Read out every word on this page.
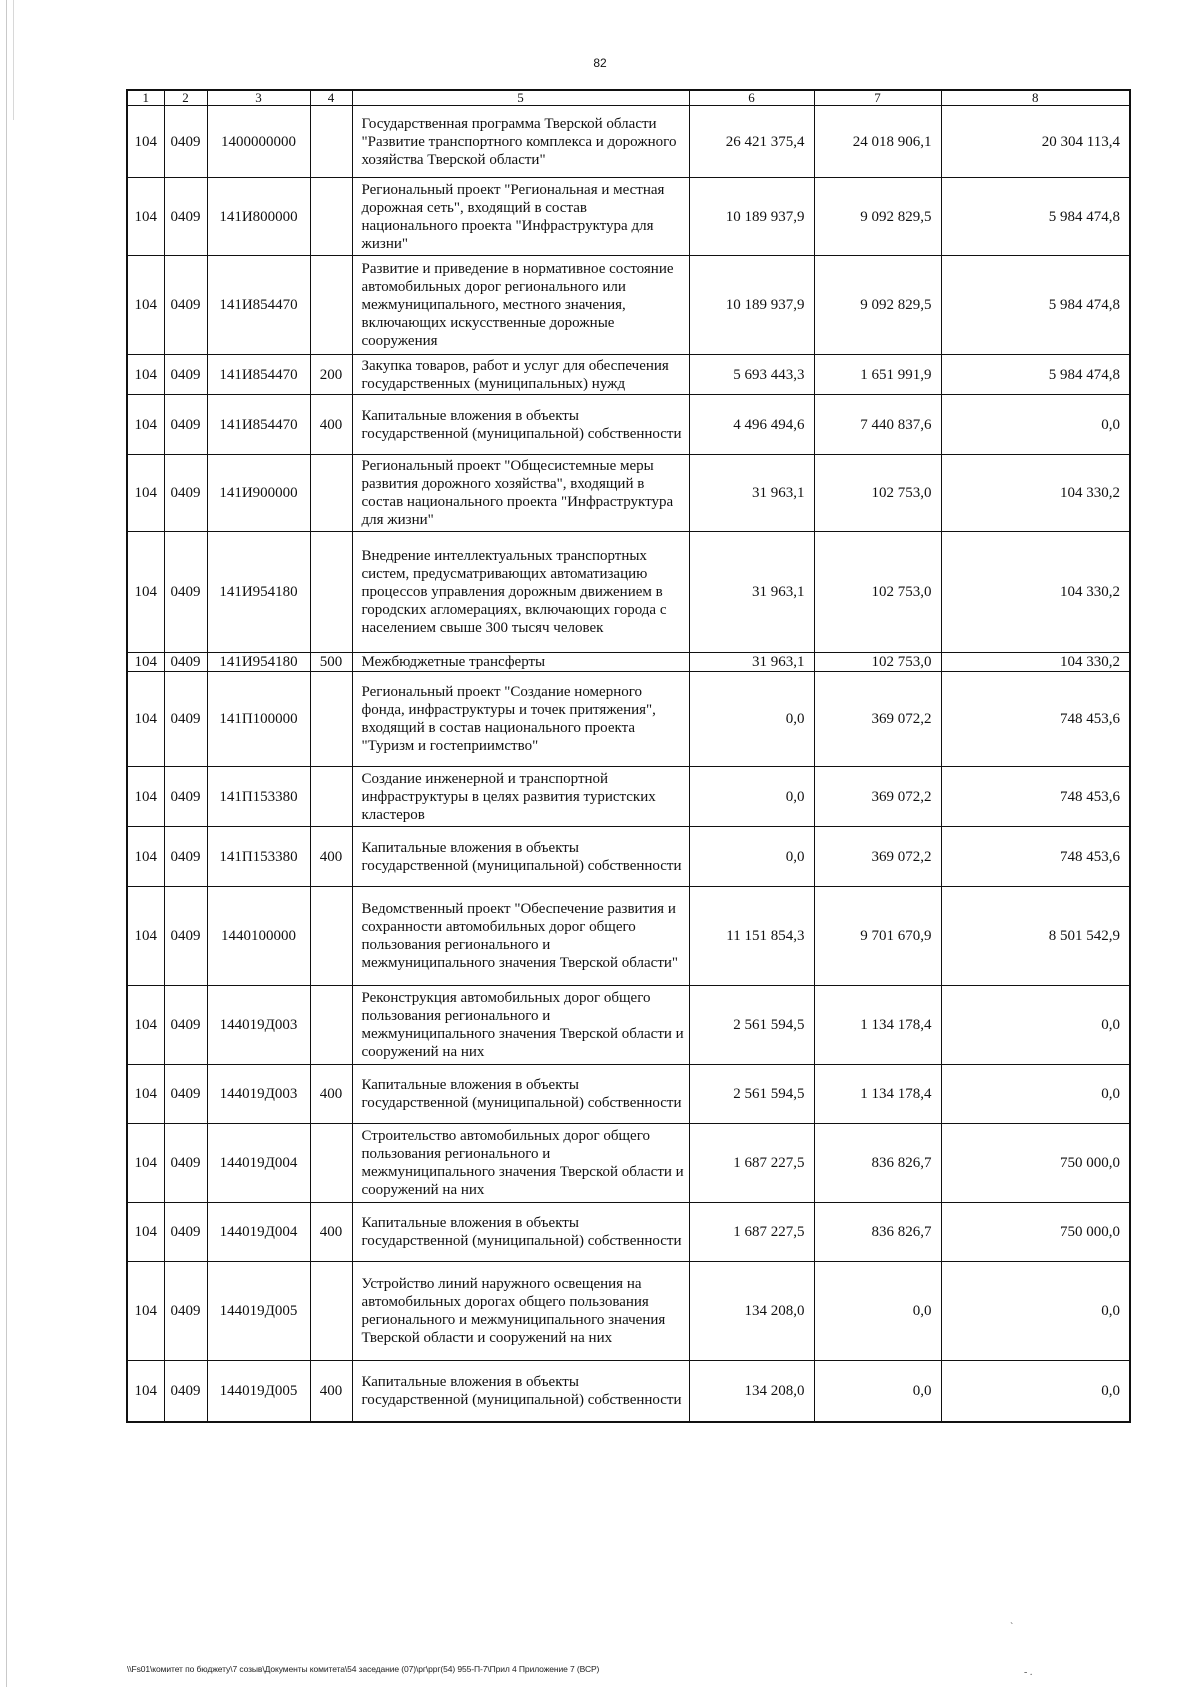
82
1	2	3	4	5	6	7	8
104	0409	1400000000		Государственная программа Тверской области "Развитие транспортного комплекса и дорожного хозяйства Тверской области"	26 421 375,4	24 018 906,1	20 304 113,4
104	0409	141И800000		Региональный проект "Региональная и местная дорожная сеть", входящий в состав национального проекта "Инфраструктура для жизни"	10 189 937,9	9 092 829,5	5 984 474,8
104	0409	141И854470		Развитие и приведение в нормативное состояние автомобильных дорог регионального или межмуниципального, местного значения, включающих искусственные дорожные сооружения	10 189 937,9	9 092 829,5	5 984 474,8
104	0409	141И854470	200	Закупка товаров, работ и услуг для обеспечения государственных (муниципальных) нужд	5 693 443,3	1 651 991,9	5 984 474,8
104	0409	141И854470	400	Капитальные вложения в объекты государственной (муниципальной) собственности	4 496 494,6	7 440 837,6	0,0
104	0409	141И900000		Региональный проект "Общесистемные меры развития дорожного хозяйства", входящий в состав национального проекта "Инфраструктура для жизни"	31 963,1	102 753,0	104 330,2
104	0409	141И954180		Внедрение интеллектуальных транспортных систем, предусматривающих автоматизацию процессов управления дорожным движением в городских агломерациях, включающих города с населением свыше 300 тысяч человек	31 963,1	102 753,0	104 330,2
104	0409	141И954180	500	Межбюджетные трансферты	31 963,1	102 753,0	104 330,2
104	0409	141П100000		Региональный проект "Создание номерного фонда, инфраструктуры и точек притяжения", входящий в состав национального проекта "Туризм и гостеприимство"	0,0	369 072,2	748 453,6
104	0409	141П153380		Создание инженерной и транспортной инфраструктуры в целях развития туристских кластеров	0,0	369 072,2	748 453,6
104	0409	141П153380	400	Капитальные вложения в объекты государственной (муниципальной) собственности	0,0	369 072,2	748 453,6
104	0409	1440100000		Ведомственный проект "Обеспечение развития и сохранности автомобильных дорог общего пользования регионального и межмуниципального значения Тверской области"	11 151 854,3	9 701 670,9	8 501 542,9
104	0409	144019Д003		Реконструкция автомобильных дорог общего пользования регионального и межмуниципального значения Тверской области и сооружений на них	2 561 594,5	1 134 178,4	0,0
104	0409	144019Д003	400	Капитальные вложения в объекты государственной (муниципальной) собственности	2 561 594,5	1 134 178,4	0,0
104	0409	144019Д004		Строительство автомобильных дорог общего пользования регионального и межмуниципального значения Тверской области и сооружений на них	1 687 227,5	836 826,7	750 000,0
104	0409	144019Д004	400	Капитальные вложения в объекты государственной (муниципальной) собственности	1 687 227,5	836 826,7	750 000,0
104	0409	144019Д005		Устройство линий наружного освещения на автомобильных дорогах общего пользования регионального и межмуниципального значения Тверской области и сооружений на них	134 208,0	0,0	0,0
104	0409	144019Д005	400	Капитальные вложения в объекты государственной (муниципальной) собственности	134 208,0	0,0	0,0
\\Fs01\комитет по бюджету\7 созыв\Документы комитета\54 заседание (07)\рг\ррг(54) 955-П-7\Прил 4 Приложение 7 (ВСР)
`
- .
